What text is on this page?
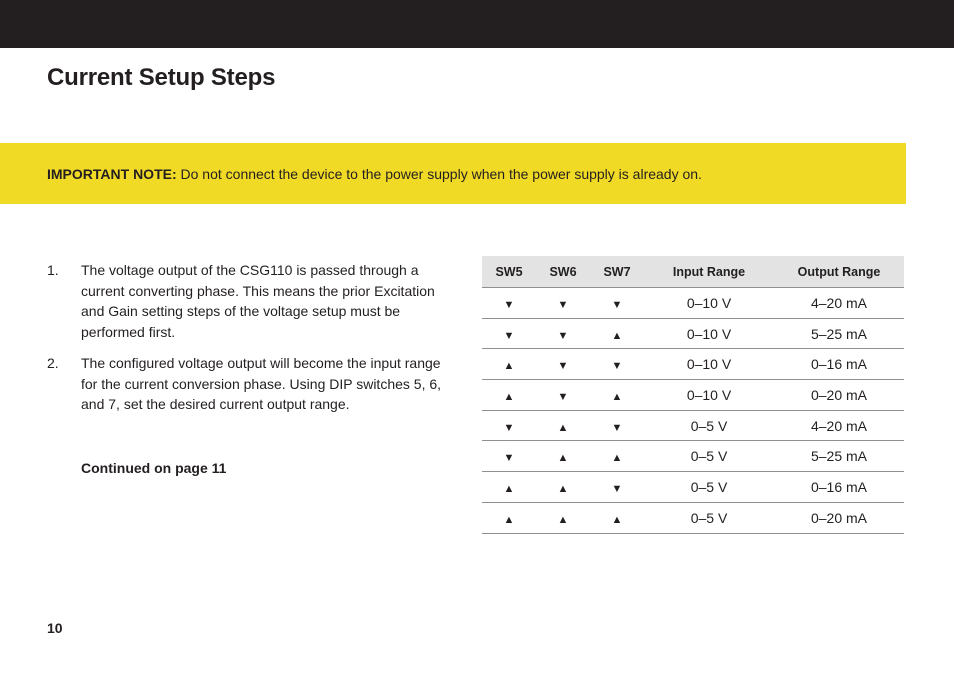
Current Setup Steps
IMPORTANT NOTE: Do not connect the device to the power supply when the power supply is already on.
1. The voltage output of the CSG110 is passed through a current converting phase. This means the prior Excitation and Gain setting steps of the voltage setup must be performed first.
2. The configured voltage output will become the input range for the current conversion phase. Using DIP switches 5, 6, and 7, set the desired current output range.
Continued on page 11
10
SW5	SW6	SW7	Input Range	Output Range
▼	▼	▼	0–10 V	4–20 mA
▼	▼	▲	0–10 V	5–25 mA
▲	▼	▼	0–10 V	0–16 mA
▲	▼	▲	0–10 V	0–20 mA
▼	▲	▼	0–5 V	4–20 mA
▼	▲	▲	0–5 V	5–25 mA
▲	▲	▼	0–5 V	0–16 mA
▲	▲	▲	0–5 V	0–20 mA
